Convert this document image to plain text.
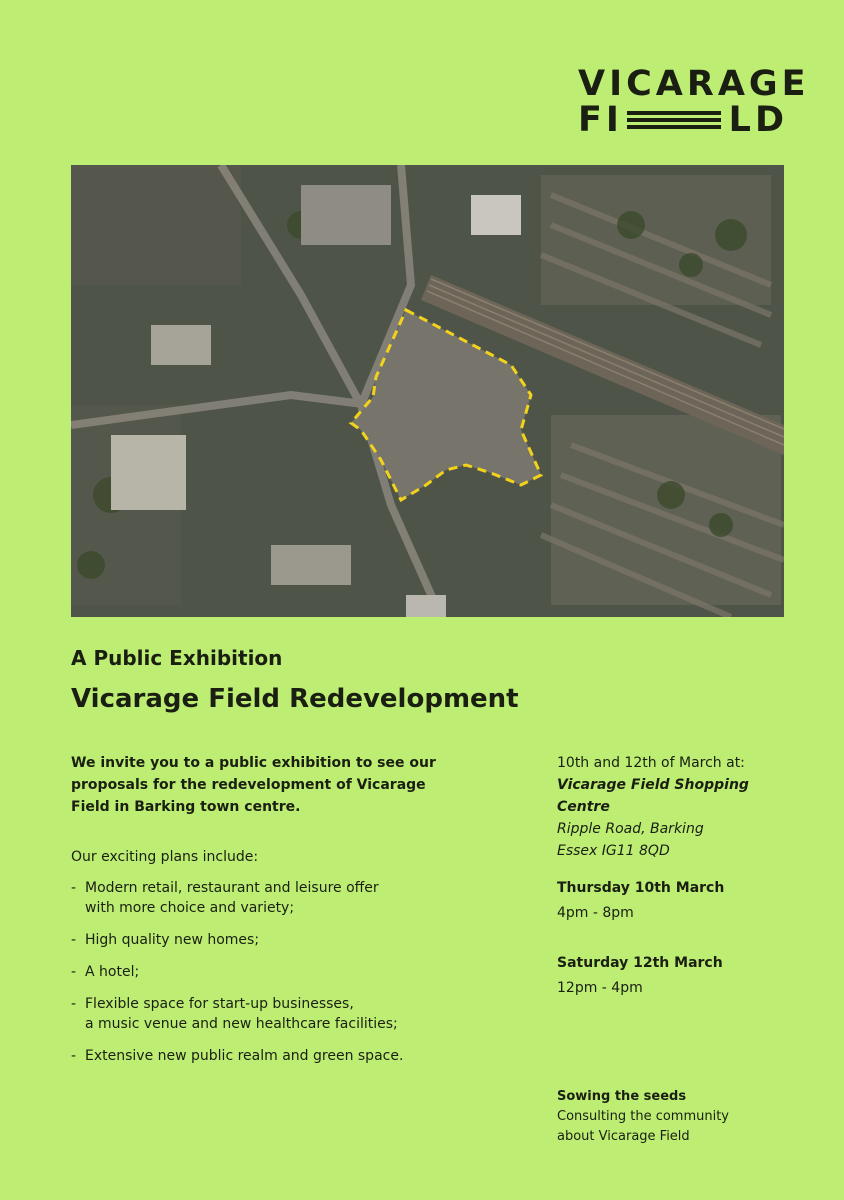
VICARAGE
FI	LD
A Public Exhibition
Vicarage Field Redevelopment

We invite you to a public exhibition to see our proposals for the redevelopment of Vicarage Field in Barking town centre.

Our exciting plans include:

- Modern retail, restaurant and leisure offer
with more choice and variety;
- High quality new homes;
- A hotel;
- Flexible space for start-up businesses,
a music venue and new healthcare facilities;
- Extensive new public realm and green space.

10th and 12th of March at:

Vicarage Field Shopping Centre
Ripple Road, Barking
Essex IG11 8QD

Thursday 10th March

4pm - 8pm

Saturday 12th March

12pm - 4pm

Sowing the seeds
Consulting the community
about Vicarage Field
